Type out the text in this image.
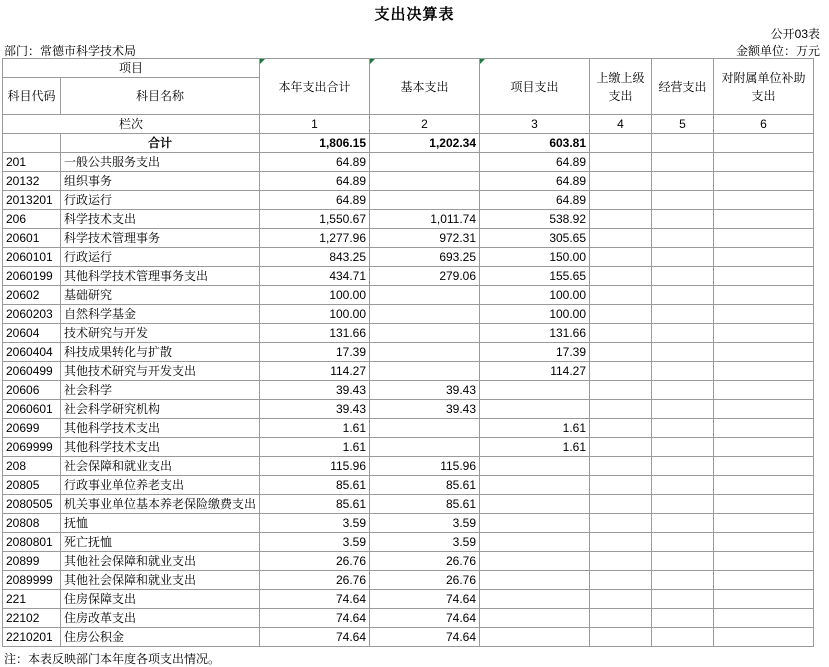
支出决算表
公开03表
金额单位：万元
部门：常德市科学技术局
项目		本年支出合计	基本支出	项目支出	上缴上级支出	经营支出	对附属单位补助支出
科目代码	科目名称						
栏次		1	2	3	4	5	6
	合计	1,806.15	1,202.34	603.81			
201	一般公共服务支出	64.89		64.89			
20132	组织事务	64.89		64.89			
2013201	行政运行	64.89		64.89			
206	科学技术支出	1,550.67	1,011.74	538.92			
20601	科学技术管理事务	1,277.96	972.31	305.65			
2060101	行政运行	843.25	693.25	150.00			
2060199	其他科学技术管理事务支出	434.71	279.06	155.65			
20602	基础研究	100.00		100.00			
2060203	自然科学基金	100.00		100.00			
20604	技术研究与开发	131.66		131.66			
2060404	科技成果转化与扩散	17.39		17.39			
2060499	其他技术研究与开发支出	114.27		114.27			
20606	社会科学	39.43	39.43				
2060601	社会科学研究机构	39.43	39.43				
20699	其他科学技术支出	1.61		1.61			
2069999	其他科学技术支出	1.61		1.61			
208	社会保障和就业支出	115.96	115.96				
20805	行政事业单位养老支出	85.61	85.61				
2080505	机关事业单位基本养老保险缴费支出	85.61	85.61				
20808	抚恤	3.59	3.59				
2080801	死亡抚恤	3.59	3.59				
20899	其他社会保障和就业支出	26.76	26.76				
2089999	其他社会保障和就业支出	26.76	26.76				
221	住房保障支出	74.64	74.64				
22102	住房改革支出	74.64	74.64				
2210201	住房公积金	74.64	74.64				
注：本表反映部门本年度各项支出情况。
